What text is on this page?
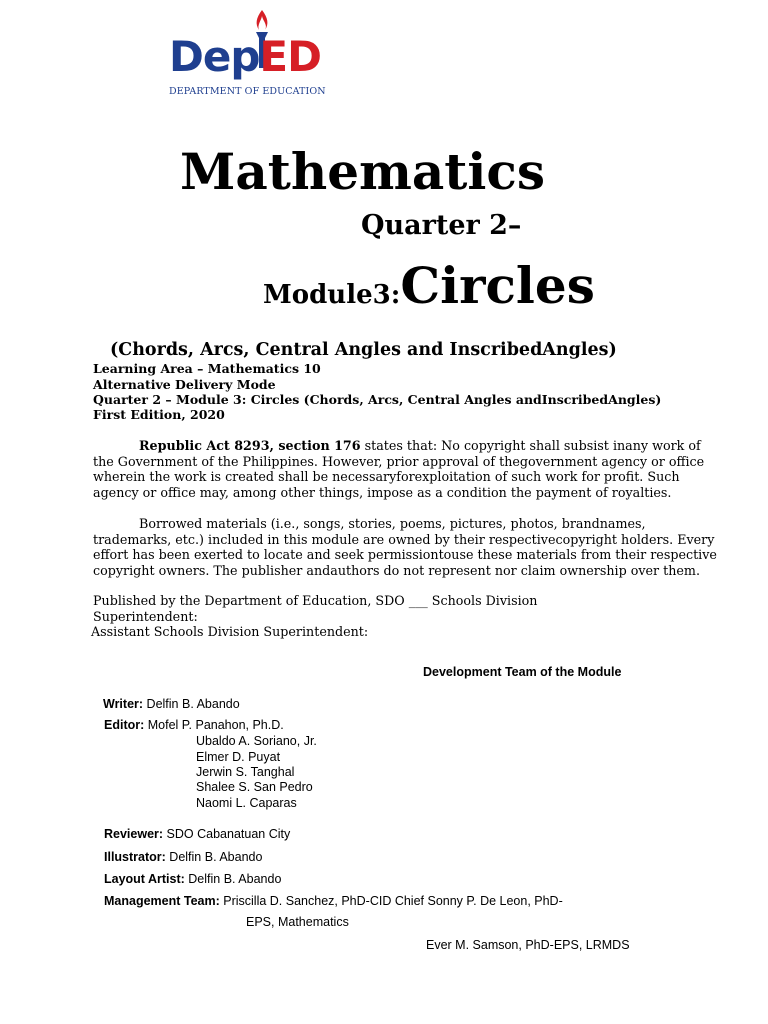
DepED
DEPARTMENT OF EDUCATION
Mathematics
Quarter 2–
Module3:Circles
(Chords, Arcs, Central Angles and InscribedAngles)
Learning Area – Mathematics 10
Alternative Delivery Mode
Quarter 2 – Module 3: Circles (Chords, Arcs, Central Angles andInscribedAngles)
First Edition, 2020
Republic Act 8293, section 176 states that: No copyright shall subsist inany work of
the Government of the Philippines. However, prior approval of thegovernment agency or office
wherein the work is created shall be necessaryforexploitation of such work for profit. Such
agency or office may, among other things, impose as a condition the payment of royalties.
Borrowed materials (i.e., songs, stories, poems, pictures, photos, brandnames,
trademarks, etc.) included in this module are owned by their respectivecopyright holders. Every
effort has been exerted to locate and seek permissiontouse these materials from their respective
copyright owners. The publisher andauthors do not represent nor claim ownership over them.
Published by the Department of Education, SDO ___ Schools Division
Superintendent:
Assistant Schools Division Superintendent:
Development Team of the Module
Writer: Delfin B. Abando
Editor: Mofel P. Panahon, Ph.D.
Ubaldo A. Soriano, Jr.
Elmer D. Puyat
Jerwin S. Tanghal
Shalee S. San Pedro
Naomi L. Caparas
Reviewer: SDO Cabanatuan City
Illustrator: Delfin B. Abando
Layout Artist: Delfin B. Abando
Management Team: Priscilla D. Sanchez, PhD-CID Chief Sonny P. De Leon, PhD-
EPS, Mathematics
Ever M. Samson, PhD-EPS, LRMDS
